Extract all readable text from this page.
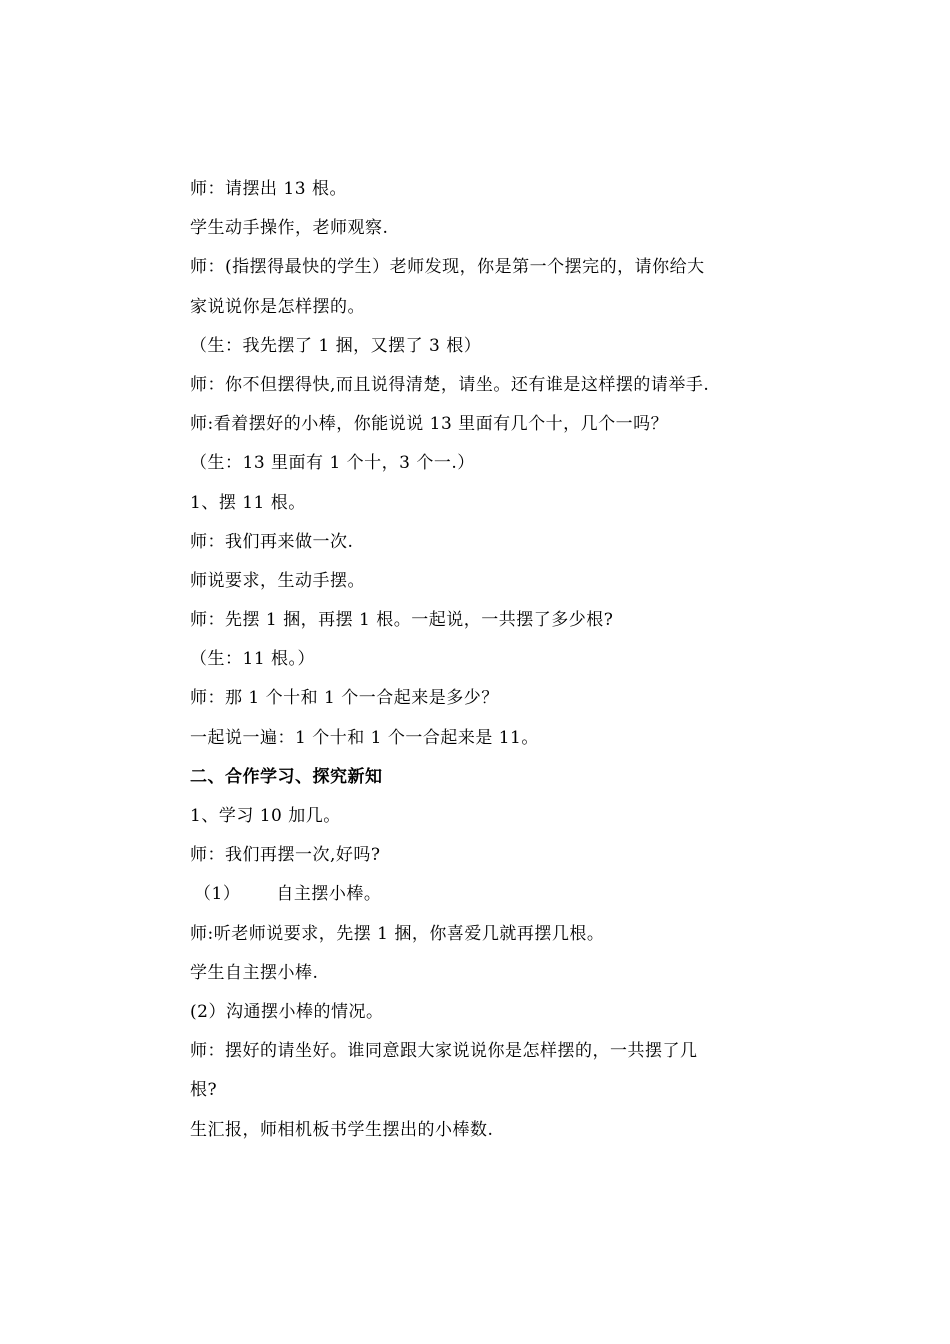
师：请摆出 13 根。
学生动手操作，老师观察.
师：(指摆得最快的学生）老师发现，你是第一个摆完的，请你给大
家说说你是怎样摆的。
（生：我先摆了 1 捆，又摆了 3 根）
师：你不但摆得快,而且说得清楚，请坐。还有谁是这样摆的请举手.
师:看着摆好的小棒，你能说说 13 里面有几个十，几个一吗？
（生：13 里面有 1 个十，3 个一.）
1、摆 11 根。
师：我们再来做一次.
师说要求，生动手摆。
师：先摆 1 捆，再摆 1 根。一起说，一共摆了多少根?
（生：11 根。）
师：那 1 个十和 1 个一合起来是多少？
一起说一遍：1 个十和 1 个一合起来是 11。
二、合作学习、探究新知
1、学习 10 加几。
师：我们再摆一次,好吗?
（1） 自主摆小棒。
师:听老师说要求，先摆 1 捆，你喜爱几就再摆几根。
学生自主摆小棒.
(2）沟通摆小棒的情况。
师：摆好的请坐好。谁同意跟大家说说你是怎样摆的，一共摆了几
根?
生汇报，师相机板书学生摆出的小棒数.
